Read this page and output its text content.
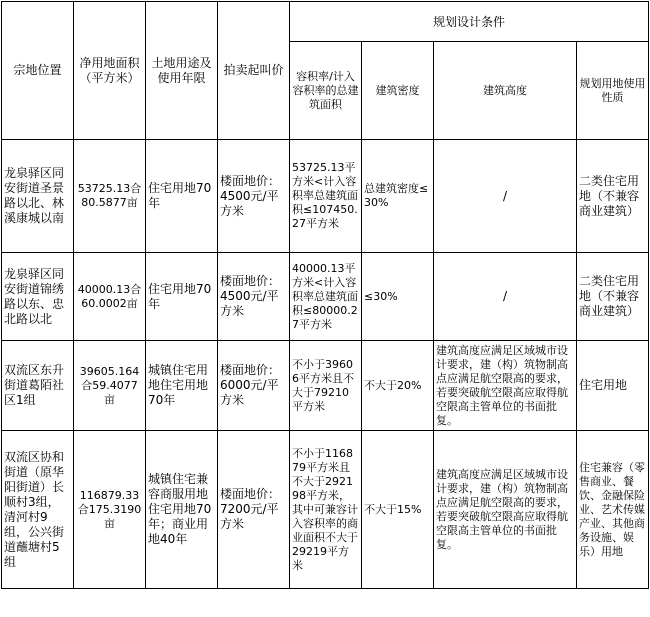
宗地位置	净用地面积（平方米）	土地用途及使用年限	拍卖起叫价	规划设计条件			
				容积率/计入容积率的总建筑面积	建筑密度	建筑高度	规划用地使用性质
龙泉驿区同安街道圣景路以北、林溪康城以南	53725.13合80.5877亩	住宅用地70年	楼面地价：4500元/平方米	53725.13平方米<计入容积率总建筑面积≤107450.27平方米	总建筑密度≤30%	/	二类住宅用地（不兼容商业建筑）
龙泉驿区同安街道锦绣路以东、忠北路以北	40000.13合60.0002亩	住宅用地70年	楼面地价：4500元/平方米	40000.13平方米<计入容积率总建筑面积≤80000.27平方米	≤30%	/	二类住宅用地（不兼容商业建筑）
双流区东升街道葛陌社区1组	39605.164合59.4077亩	城镇住宅用地住宅用地70年	楼面地价：6000元/平方米	不小于39606平方米且不大于79210平方米	不大于20%	建筑高度应满足区域城市设计要求，建（构）筑物制高点应满足航空限高的要求，若要突破航空限高应取得航空限高主管单位的书面批复。	住宅用地
双流区协和街道（原华阳街道）长顺村3组，清河村9组，公兴街道蘸塘村5组	116879.33合175.3190亩	城镇住宅兼容商服用地住宅用地70年；商业用地40年	楼面地价：7200元/平方米	不小于116879平方米且不大于292198平方米，其中可兼容计入容积率的商业面积不大于29219平方米	不大于15%	建筑高度应满足区域城市设计要求，建（构）筑物制高点应满足航空限高的要求，若要突破航空限高应取得航空限高主管单位的书面批复。	住宅兼容（零售商业、餐饮、金融保险业、艺术传媒产业、其他商务设施、娱乐）用地
